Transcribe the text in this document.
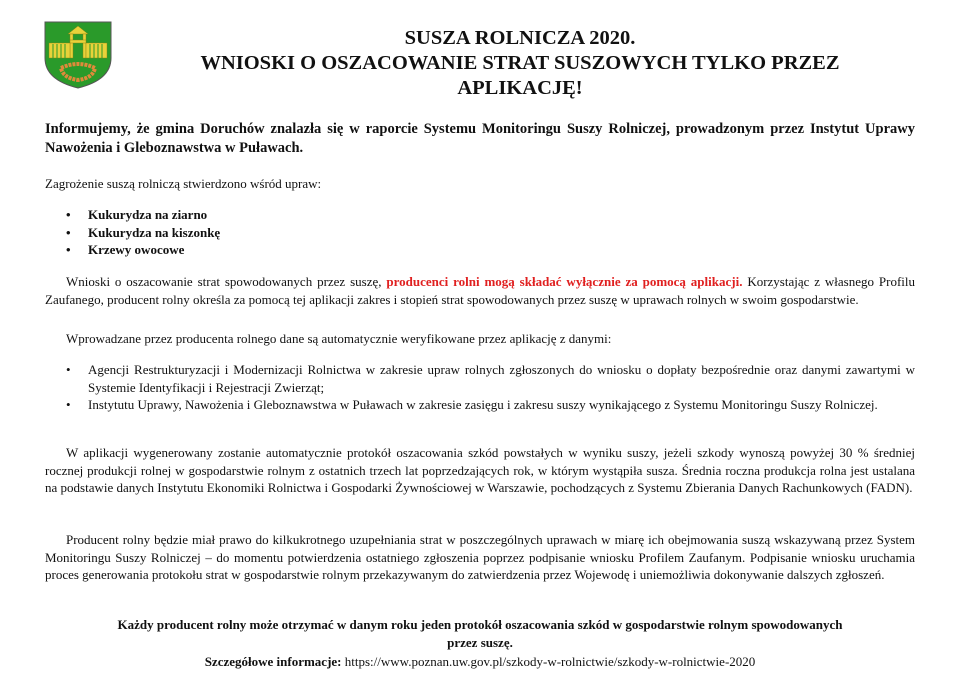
SUSZA ROLNICZA 2020.
WNIOSKI O OSZACOWANIE STRAT SUSZOWYCH TYLKO PRZEZ
APLIKACJĘ!
Informujemy, że gmina Doruchów znalazła się w raporcie Systemu Monitoringu Suszy Rolniczej, prowadzonym przez Instytut Uprawy Nawożenia i Gleboznawstwa w Puławach.
Zagrożenie suszą rolniczą stwierdzono wśród upraw:
• Kukurydza na ziarno
• Kukurydza na kiszonkę
• Krzewy owocowe
Wnioski o oszacowanie strat spowodowanych przez suszę, producenci rolni mogą składać wyłącznie za pomocą aplikacji. Korzystając z własnego Profilu Zaufanego, producent rolny określa za pomocą tej aplikacji zakres i stopień strat spowodowanych przez suszę w uprawach rolnych w swoim gospodarstwie.
Wprowadzane przez producenta rolnego dane są automatycznie weryfikowane przez aplikację z danymi:
• Agencji Restrukturyzacji i Modernizacji Rolnictwa w zakresie upraw rolnych zgłoszonych do wniosku o dopłaty bezpośrednie oraz danymi zawartymi w Systemie Identyfikacji i Rejestracji Zwierząt;
• Instytutu Uprawy, Nawożenia i Gleboznawstwa w Puławach w zakresie zasięgu i zakresu suszy wynikającego z Systemu Monitoringu Suszy Rolniczej.
W aplikacji wygenerowany zostanie automatycznie protokół oszacowania szkód powstałych w wyniku suszy, jeżeli szkody wynoszą powyżej 30 % średniej rocznej produkcji rolnej w gospodarstwie rolnym z ostatnich trzech lat poprzedzających rok, w którym wystąpiła susza. Średnia roczna produkcja rolna jest ustalana na podstawie danych Instytutu Ekonomiki Rolnictwa i Gospodarki Żywnościowej w Warszawie, pochodzących z Systemu Zbierania Danych Rachunkowych (FADN).
Producent rolny będzie miał prawo do kilkukrotnego uzupełniania strat w poszczególnych uprawach w miarę ich obejmowania suszą wskazywaną przez System Monitoringu Suszy Rolniczej – do momentu potwierdzenia ostatniego zgłoszenia poprzez podpisanie wniosku Profilem Zaufanym. Podpisanie wniosku uruchamia proces generowania protokołu strat w gospodarstwie rolnym przekazywanym do zatwierdzenia przez Wojewodę i uniemożliwia dokonywanie dalszych zgłoszeń.
Każdy producent rolny może otrzymać w danym roku jeden protokół oszacowania szkód w gospodarstwie rolnym spowodowanych przez suszę.
Szczegółowe informacje: https://www.poznan.uw.gov.pl/szkody-w-rolnictwie/szkody-w-rolnictwie-2020
